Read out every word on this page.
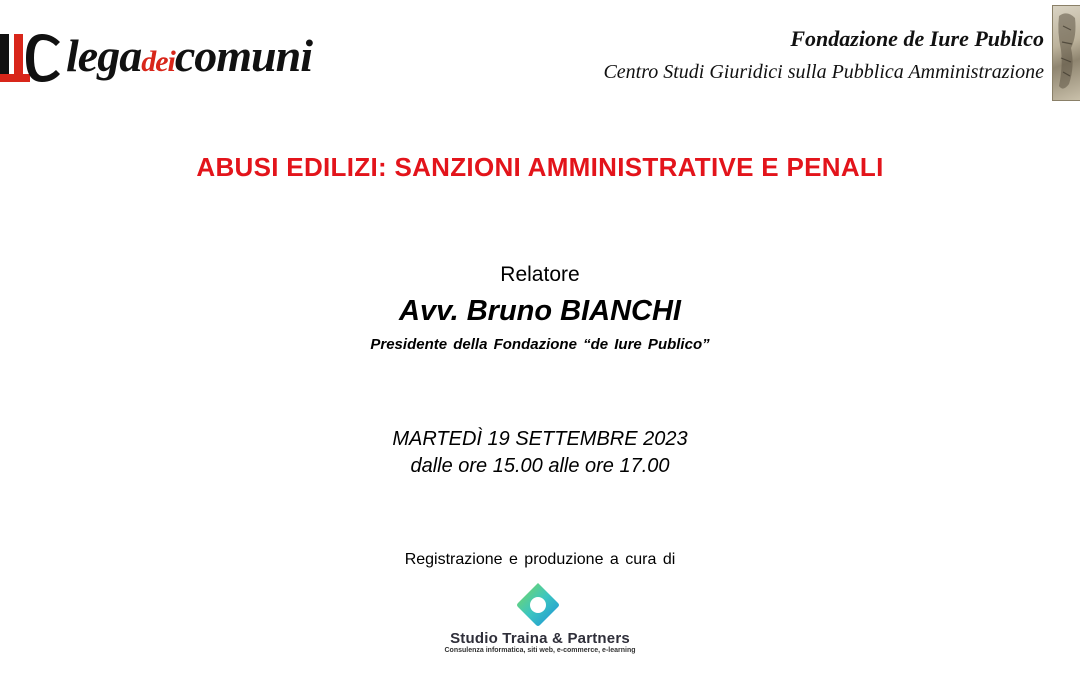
legadeicomuni	Fondazione de Iure Publico
Centro Studi Giuridici sulla Pubblica Amministrazione
ABUSI EDILIZI: SANZIONI AMMINISTRATIVE E PENALI
Relatore
Avv. Bruno BIANCHI
Presidente della Fondazione “de Iure Publico”
MARTEDÌ 19 SETTEMBRE 2023
dalle ore 15.00 alle ore 17.00
Registrazione e produzione a cura di
Studio Traina & Partners
Consulenza informatica, siti web, e-commerce, e-learning
